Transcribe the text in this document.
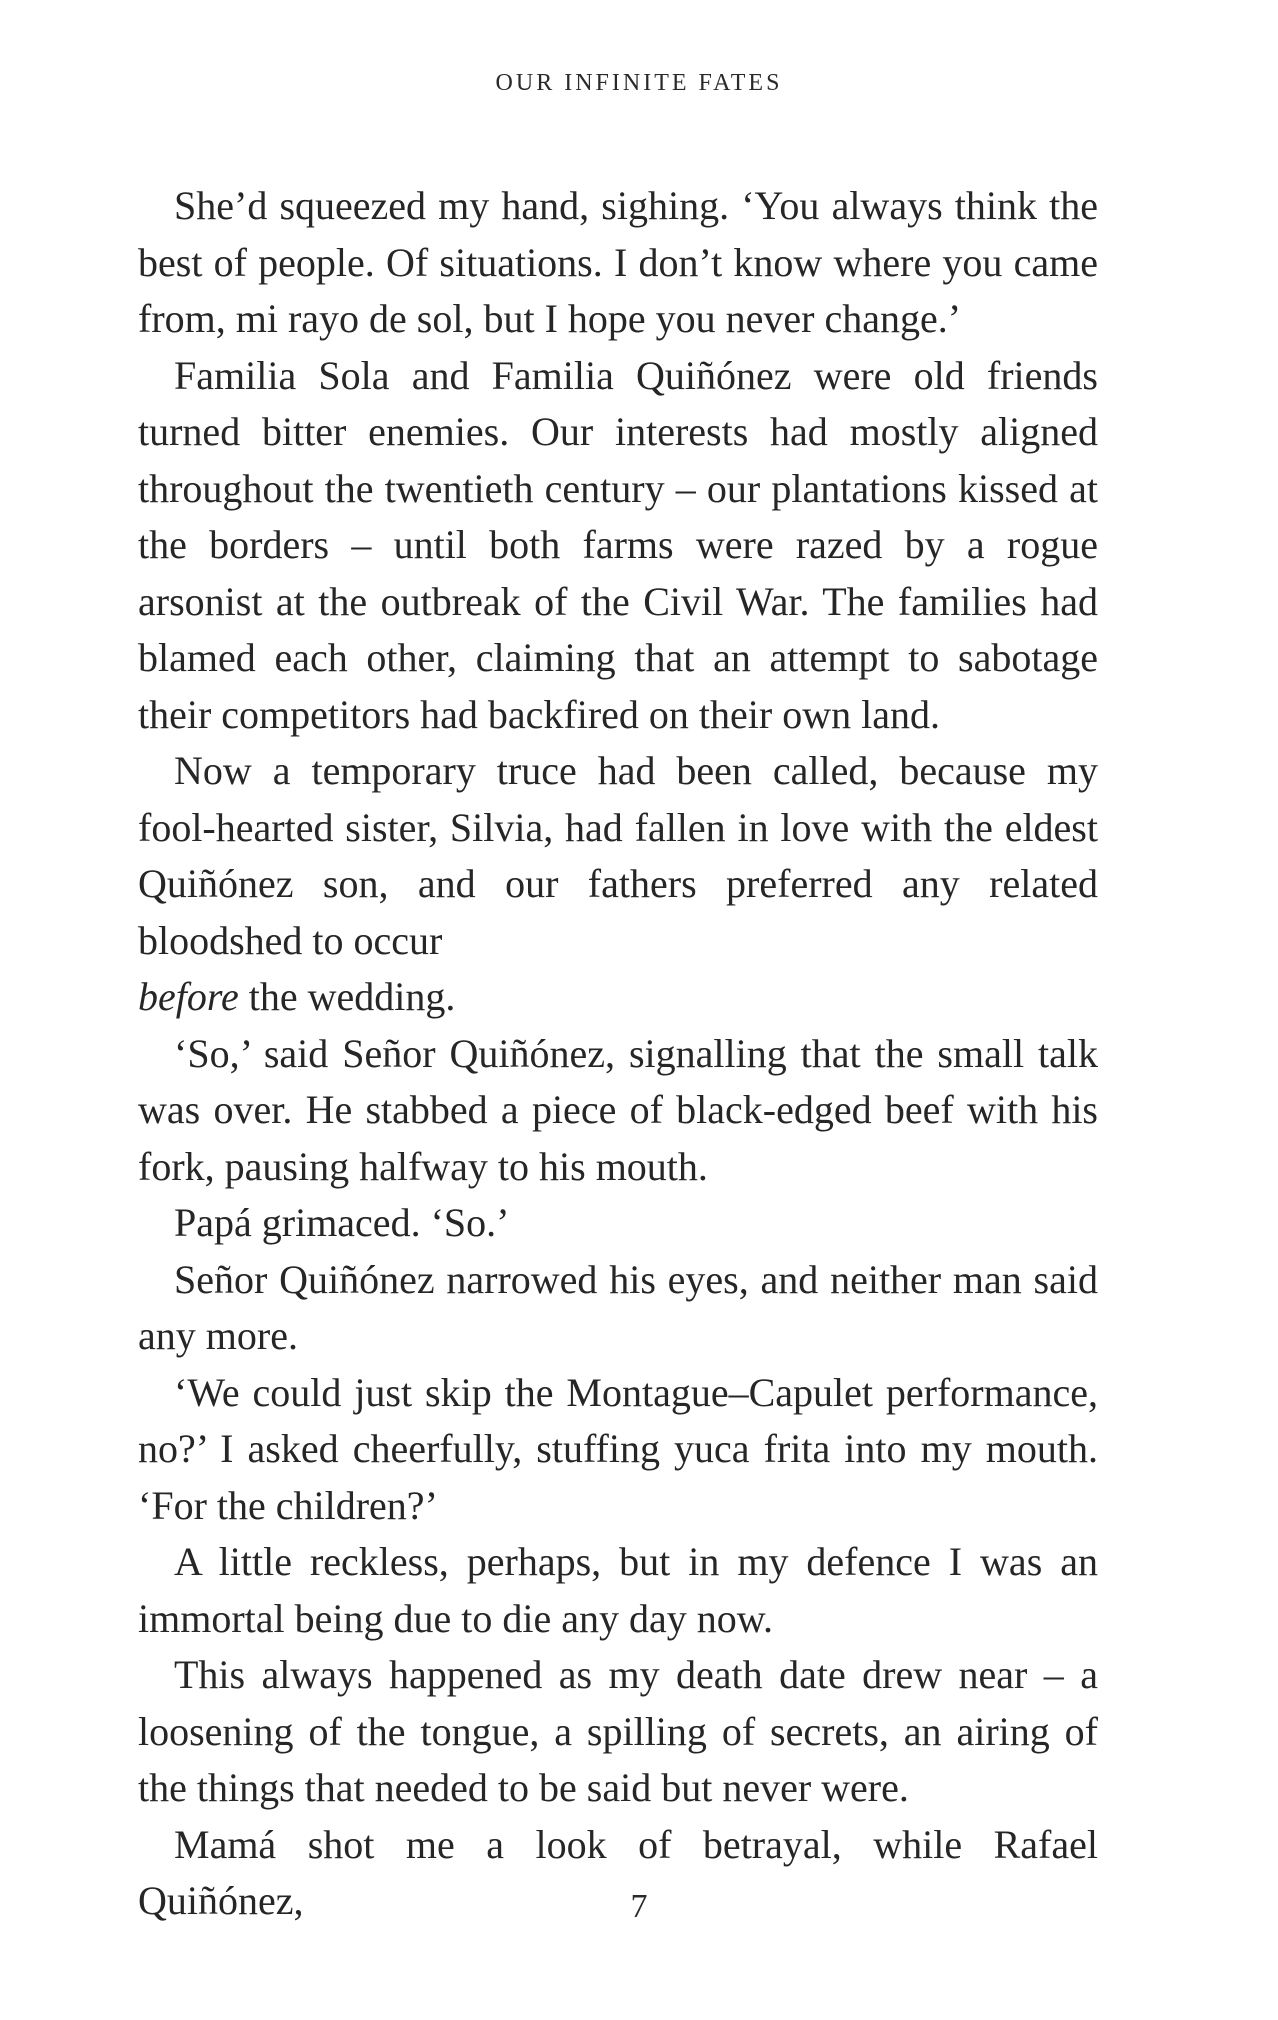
OUR INFINITE FATES

She’d squeezed my hand, sighing. ‘You always think the best of people. Of situations. I don’t know where you came from, mi rayo de sol, but I hope you never change.’

Familia Sola and Familia Quiñónez were old friends turned bitter enemies. Our interests had mostly aligned throughout the twentieth century – our plantations kissed at the borders – until both farms were razed by a rogue arsonist at the outbreak of the Civil War. The families had blamed each other, claiming that an attempt to sabotage their competitors had backfired on their own land.

Now a temporary truce had been called, because my fool-hearted sister, Silvia, had fallen in love with the eldest Quiñónez son, and our fathers preferred any related bloodshed to occur
before the wedding.

‘So,’ said Señor Quiñónez, signalling that the small talk was over. He stabbed a piece of black-edged beef with his fork, pausing halfway to his mouth.

Papá grimaced. ‘So.’

Señor Quiñónez narrowed his eyes, and neither man said any more.

‘We could just skip the Montague–Capulet performance, no?’ I asked cheerfully, stuffing yuca frita into my mouth. ‘For the children?’

A little reckless, perhaps, but in my defence I was an immortal being due to die any day now.

This always happened as my death date drew near – a loosening of the tongue, a spilling of secrets, an airing of the things that needed to be said but never were.

Mamá shot me a look of betrayal, while Rafael Quiñónez,	7
